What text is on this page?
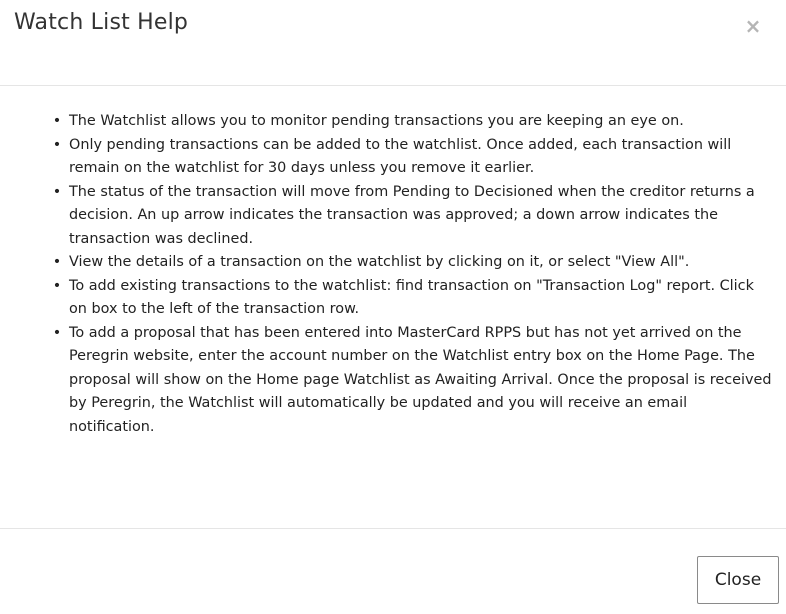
Watch List Help	×
• The Watchlist allows you to monitor pending transactions you are keeping an eye on.
• Only pending transactions can be added to the watchlist. Once added, each transaction will remain on the watchlist for 30 days unless you remove it earlier.
• The status of the transaction will move from Pending to Decisioned when the creditor returns a decision. An up arrow indicates the transaction was approved; a down arrow indicates the transaction was declined.
• View the details of a transaction on the watchlist by clicking on it, or select "View All".
• To add existing transactions to the watchlist: find transaction on "Transaction Log" report. Click on box to the left of the transaction row.
• To add a proposal that has been entered into MasterCard RPPS but has not yet arrived on the Peregrin website, enter the account number on the Watchlist entry box on the Home Page. The proposal will show on the Home page Watchlist as Awaiting Arrival. Once the proposal is received by Peregrin, the Watchlist will automatically be updated and you will receive an email notification.
Close
